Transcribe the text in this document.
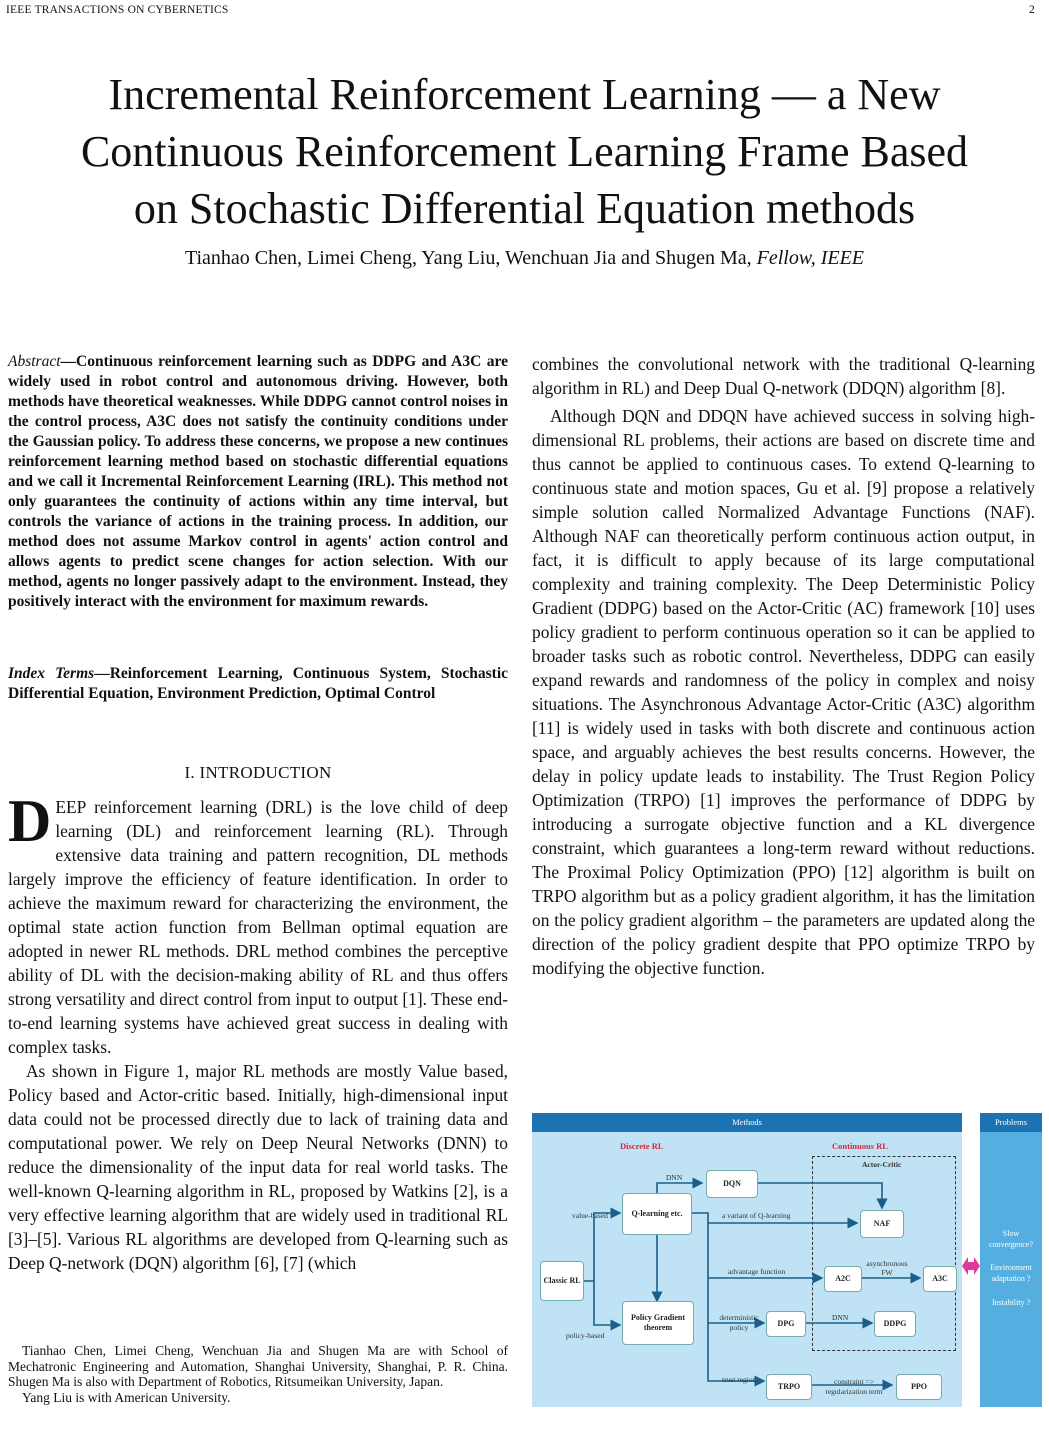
IEEE TRANSACTIONS ON CYBERNETICS	2
Incremental Reinforcement Learning — a New
Continuous Reinforcement Learning Frame Based
on Stochastic Differential Equation methods
Tianhao Chen, Limei Cheng, Yang Liu, Wenchuan Jia and Shugen Ma, Fellow, IEEE
Abstract—Continuous reinforcement learning such as DDPG and A3C are widely used in robot control and autonomous driving. However, both methods have theoretical weaknesses. While DDPG cannot control noises in the control process, A3C does not satisfy the continuity conditions under the Gaussian policy. To address these concerns, we propose a new continues reinforcement learning method based on stochastic differential equations and we call it Incremental Reinforcement Learning (IRL). This method not only guarantees the continuity of actions within any time interval, but controls the variance of actions in the training process. In addition, our method does not assume Markov control in agents' action control and allows agents to predict scene changes for action selection. With our method, agents no longer passively adapt to the environment. Instead, they positively interact with the environment for maximum rewards.
Index Terms—Reinforcement Learning, Continuous System, Stochastic Differential Equation, Environment Prediction, Optimal Control
I. INTRODUCTION

DEEP reinforcement learning (DRL) is the love child of deep learning (DL) and reinforcement learning (RL). Through extensive data training and pattern recognition, DL methods largely improve the efficiency of feature identification. In order to achieve the maximum reward for characterizing the environment, the optimal state action function from Bellman optimal equation are adopted in newer RL methods. DRL method combines the perceptive ability of DL with the decision-making ability of RL and thus offers strong versatility and direct control from input to output [1]. These end-to-end learning systems have achieved great success in dealing with complex tasks.

As shown in Figure 1, major RL methods are mostly Value based, Policy based and Actor-critic based. Initially, high-dimensional input data could not be processed directly due to lack of training data and computational power. We rely on Deep Neural Networks (DNN) to reduce the dimensionality of the input data for real world tasks. The well-known Q-learning algorithm in RL, proposed by Watkins [2], is a very effective learning algorithm that are widely used in traditional RL [3]–[5]. Various RL algorithms are developed from Q-learning such as Deep Q-network (DQN) algorithm [6], [7] (which

combines the convolutional network with the traditional Q-learning algorithm in RL) and Deep Dual Q-network (DDQN) algorithm [8].

Although DQN and DDQN have achieved success in solving high-dimensional RL problems, their actions are based on discrete time and thus cannot be applied to continuous cases. To extend Q-learning to continuous state and motion spaces, Gu et al. [9] propose a relatively simple solution called Normalized Advantage Functions (NAF). Although NAF can theoretically perform continuous action output, in fact, it is difficult to apply because of its large computational complexity and training complexity. The Deep Deterministic Policy Gradient (DDPG) based on the Actor-Critic (AC) framework [10] uses policy gradient to perform continuous operation so it can be applied to broader tasks such as robotic control. Nevertheless, DDPG can easily expand rewards and randomness of the policy in complex and noisy situations. The Asynchronous Advantage Actor-Critic (A3C) algorithm [11] is widely used in tasks with both discrete and continuous action space, and arguably achieves the best results concerns. However, the delay in policy update leads to instability. The Trust Region Policy Optimization (TRPO) [1] improves the performance of DDPG by introducing a surrogate objective function and a KL divergence constraint, which guarantees a long-term reward without reductions. The Proximal Policy Optimization (PPO) [12] algorithm is built on TRPO algorithm but as a policy gradient algorithm, it has the limitation on the policy gradient algorithm – the parameters are updated along the direction of the policy gradient despite that PPO optimize TRPO by modifying the objective function.

Tianhao Chen, Limei Cheng, Wenchuan Jia and Shugen Ma are with School of Mechatronic Engineering and Automation, Shanghai University, Shanghai, P. R. China. Shugen Ma is also with Department of Robotics, Ritsumeikan University, Japan.

Yang Liu is with American University.

Methods
Discrete RL	Continuous RL
Actor-Critic
Classic RL
Q-learning etc.
Policy Gradient theorem
DQN
NAF
A2C	A3C
DPG	DDPG
TRPO	PPO
DNN
value-based
policy-based
a variant of Q-learning
advantage function
asynchronous FW
deterministic policy
DNN
trust region	constraint => regularization term
Problems
Slow convergence?
Environment adaptation ?
Instability ?
